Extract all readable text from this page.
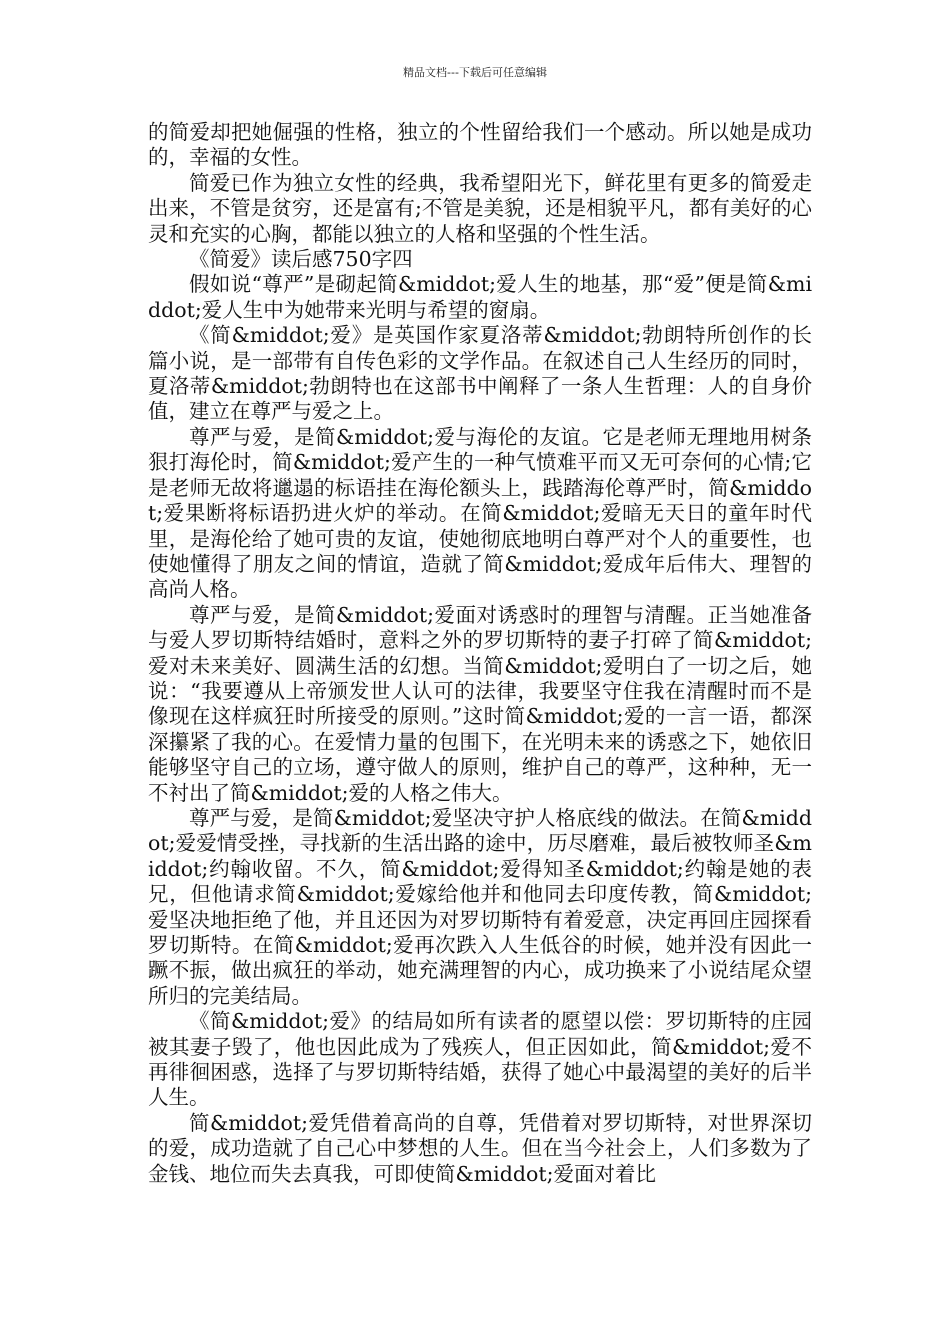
精品文档---下载后可任意编辑

的简爱却把她倔强的性格，独立的个性留给我们一个感动。所以她是成功的，幸福的女性。

简爱已作为独立女性的经典，我希望阳光下，鲜花里有更多的简爱走出来，不管是贫穷，还是富有;不管是美貌，还是相貌平凡，都有美好的心灵和充实的心胸，都能以独立的人格和坚强的个性生活。

《简爱》读后感750字四

假如说“尊严”是砌起简&middot;爱人生的地基，那“爱”便是简&middot;爱人生中为她带来光明与希望的窗扇。

《简&middot;爱》是英国作家夏洛蒂&middot;勃朗特所创作的长篇小说，是一部带有自传色彩的文学作品。在叙述自己人生经历的同时，夏洛蒂&middot;勃朗特也在这部书中阐释了一条人生哲理：人的自身价值，建立在尊严与爱之上。

尊严与爱，是简&middot;爱与海伦的友谊。它是老师无理地用树条狠打海伦时，简&middot;爱产生的一种气愤难平而又无可奈何的心情;它是老师无故将邋遢的标语挂在海伦额头上，践踏海伦尊严时，简&middot;爱果断将标语扔进火炉的举动。在简&middot;爱暗无天日的童年时代里，是海伦给了她可贵的友谊，使她彻底地明白尊严对个人的重要性，也使她懂得了朋友之间的情谊，造就了简&middot;爱成年后伟大、理智的高尚人格。

尊严与爱，是简&middot;爱面对诱惑时的理智与清醒。正当她准备与爱人罗切斯特结婚时，意料之外的罗切斯特的妻子打碎了简&middot;爱对未来美好、圆满生活的幻想。当简&middot;爱明白了一切之后，她说：“我要遵从上帝颁发世人认可的法律，我要坚守住我在清醒时而不是像现在这样疯狂时所接受的原则。”这时简&middot;爱的一言一语，都深深攥紧了我的心。在爱情力量的包围下，在光明未来的诱惑之下，她依旧能够坚守自己的立场，遵守做人的原则，维护自己的尊严，这种种，无一不衬出了简&middot;爱的人格之伟大。

尊严与爱，是简&middot;爱坚决守护人格底线的做法。在简&middot;爱爱情受挫，寻找新的生活出路的途中，历尽磨难，最后被牧师圣&middot;约翰收留。不久，简&middot;爱得知圣&middot;约翰是她的表兄，但他请求简&middot;爱嫁给他并和他同去印度传教，简&middot;爱坚决地拒绝了他，并且还因为对罗切斯特有着爱意，决定再回庄园探看罗切斯特。在简&middot;爱再次跌入人生低谷的时候，她并没有因此一蹶不振，做出疯狂的举动，她充满理智的内心，成功换来了小说结尾众望所归的完美结局。

《简&middot;爱》的结局如所有读者的愿望以偿：罗切斯特的庄园被其妻子毁了，他也因此成为了残疾人，但正因如此，简&middot;爱不再徘徊困惑，选择了与罗切斯特结婚，获得了她心中最渴望的美好的后半人生。

简&middot;爱凭借着高尚的自尊，凭借着对罗切斯特，对世界深切的爱，成功造就了自己心中梦想的人生。但在当今社会上，人们多数为了金钱、地位而失去真我，可即使简&middot;爱面对着比
